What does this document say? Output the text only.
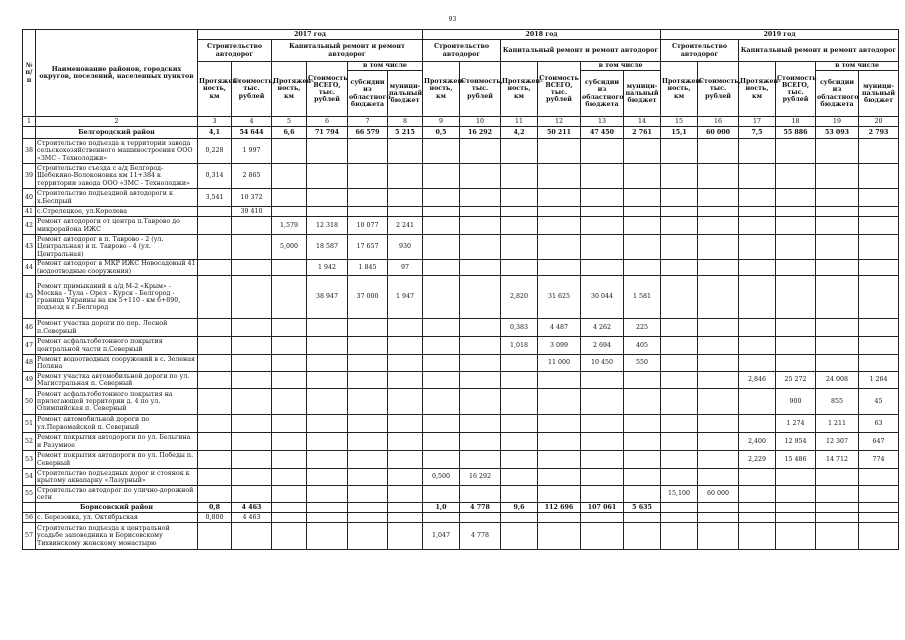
93
№ п/п	Наименование районов, городских округов, поселений, населенных пунктов	2017 год						2018 год						2019 год					
		Строительство автодорог		Капитальный ремонт и ремонт автодорог				Строительство автодорог		Капитальный ремонт и ремонт автодорог				Строительство автодорог		Капитальный ремонт и ремонт автодорог			
		Протяжен-ность, км	Стоимость, тыс. рублей	Протяжен-ность, км	Стоимость ВСЕГО, тыс. рублей	в том числе		Протяжен-ность, км	Стоимость, тыс. рублей	Протяжен-ность, км	Стоимость ВСЕГО, тыс. рублей	в том числе		Протяжен-ность, км	Стоимость, тыс. рублей	Протяжен-ность, км	Стоимость ВСЕГО, тыс. рублей	в том числе	
						субсидии из областного бюджета	муници-пальный бюджет					субсидии из областного бюджета	муници-пальный бюджет					субсидии из областного бюджета	муници-пальный бюджет
1	2	3	4	5	6	7	8	9	10	11	12	13	14	15	16	17	18	19	20
	Белгородский район	4,1	54 644	6,6	71 794	66 579	5 215	0,5	16 292	4,2	50 211	47 450	2 761	15,1	60 000	7,5	55 886	53 093	2 793
38	Строительство подъезда к территории завода сельскохозяйственного машиностроения ООО «ЗМС - Технолоджи»	0,228	1 997																
39	Строительство съезда с а/д Белгород-Шебекино-Волоконовка км 11+384 к территории завода ООО «ЗМС - Технолоджи»	0,314	2 865																
40	Строительство подъездной автодороги к х.Беспрый	3,541	10 372																
41	с.Стрелецкое, ул.Королева		39 410																
42	Ремонт автодороги от центра п.Таврово до микрорайона ИЖС			1,579	12 318	10 077	2 241												
43	Ремонт автодорог в п. Таврово - 2 (ул. Центральная) и п. Таврово - 4 (ул. Центральная)			5,000	18 587	17 657	930												
44	Ремонт автодорог в МКР ИЖС Новосадовый 41 (водоотводные сооружения)				1 942	1 845	97												
45	Ремонт примыканий к а/д М-2 «Крым» - Москва - Тула - Орел - Курск - Белгород - граница Украины на км 5+110 - км 6+890, подъезд к г.Белгород				38 947	37 000	1 947			2,820	31 625	30 044	1 581						
46	Ремонт участка дороги по пер. Лесной п.Северный									0,383	4 487	4 262	225						
47	Ремонт асфальтобетонного покрытия центральной части п.Северный									1,018	3 099	2 694	405						
48	Ремонт водоотводных сооружений в с. Зеленая Поляна										11 000	10 450	550						
49	Ремонт участка автомобильной дороги по ул. Магистральная п. Северный															2,846	25 272	24 008	1 264
50	Ремонт асфальтобетонного покрытия на прилегающей территории д. 4 по ул. Олимпийская п. Северный																900	855	45
51	Ремонт автомобильной дороги по ул.Первомайской п. Северный																1 274	1 211	63
52	Ремонт покрытия автодороги по ул. Бельгина и Разумное															2,400	12 954	12 307	647
53	Ремонт покрытия автодороги по ул. Победы п. Северный															2,229	15 486	14 712	774
54	Строительство подъездных дорог и стоянок к крытому аквапарку «Лазурный»							0,500	16 292										
55	Строительство автодорог по улично-дорожной сети													15,100	60 000				
	Борисовский район	0,8	4 463					1,0	4 778	9,6	112 696	107 061	5 635						
56	с. Березовка, ул. Октябрьская	0,800	4 463																
57	Строительство подъезда к центральной усадьбе заповедника и Борисовскому Тихвинскому женскому монастырю							1,047	4 778										
